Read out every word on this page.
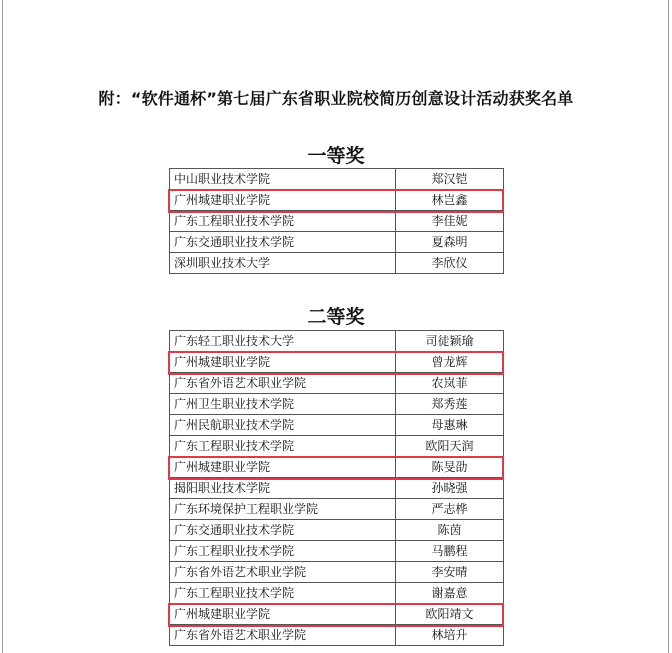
附：“软件通杯”第七届广东省职业院校简历创意设计活动获奖名单
一等奖
中山职业技术学院	郑汉铠
广州城建职业学院	林岂鑫
广东工程职业技术学院	李佳妮
广东交通职业技术学院	夏森明
深圳职业技术大学	李欣仪
二等奖
广东轻工职业技术大学	司徒颖瑜
广州城建职业学院	曾龙辉
广东省外语艺术职业学院	农岚菲
广州卫生职业技术学院	郑秀莲
广州民航职业技术学院	母惠琳
广东工程职业技术学院	欧阳天润
广州城建职业学院	陈旻劭
揭阳职业技术学院	孙晓强
广东环境保护工程职业学院	严志桦
广东交通职业技术学院	陈茵
广东工程职业技术学院	马鹏程
广东省外语艺术职业学院	李安晴
广东工程职业技术学院	谢嘉意
广州城建职业学院	欧阳靖文
广东省外语艺术职业学院	林培升
